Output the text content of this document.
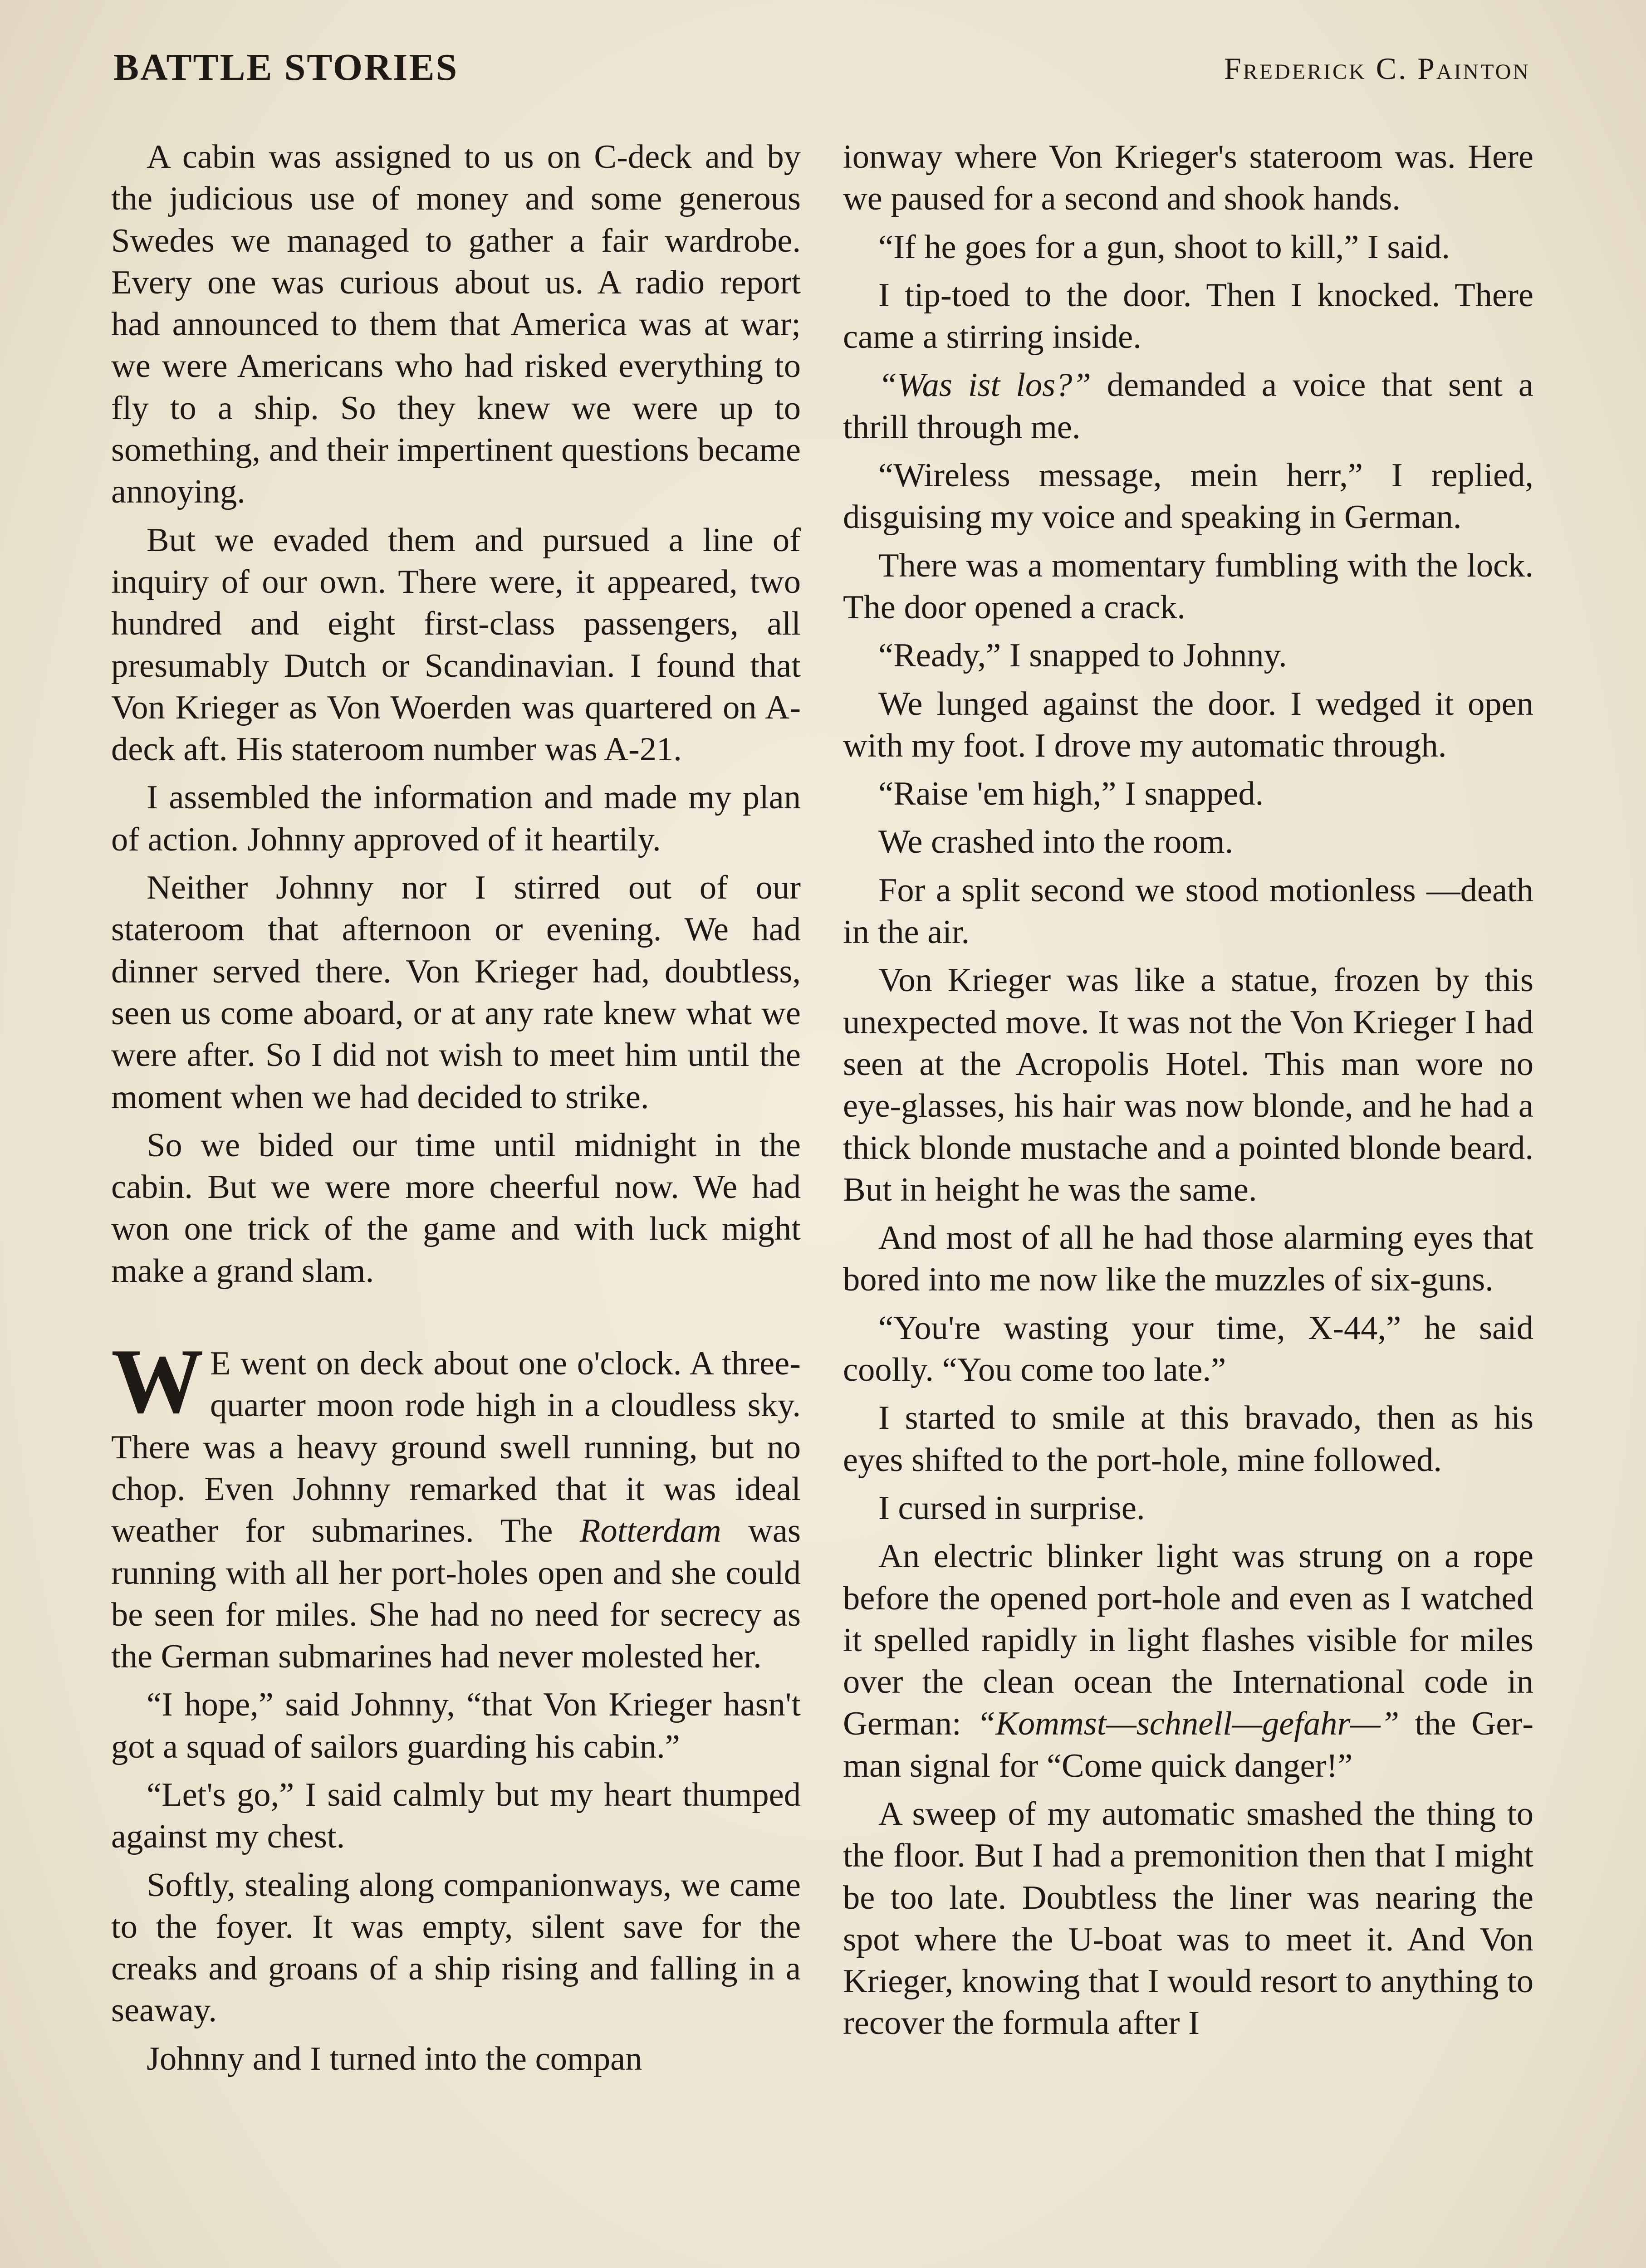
BATTLE STORIES	Frederick C. Painton

A cabin was assigned to us on C-deck and by the judicious use of money and some generous Swedes we managed to gather a fair wardrobe. Every one was curious about us. A radio report had announced to them that America was at war; we were Americans who had risked everything to fly to a ship. So they knew we were up to something, and their impertinent questions became annoying.

But we evaded them and pursued a line of inquiry of our own. There were, it appeared, two hundred and eight first-class passengers, all presumably Dutch or Scandinavian. I found that Von Krieger as Von Woerden was quartered on A-deck aft. His stateroom number was A-21.

I assembled the information and made my plan of action. Johnny approved of it heartily.

Neither Johnny nor I stirred out of our stateroom that afternoon or evening. We had dinner served there. Von Krieger had, doubtless, seen us come aboard, or at any rate knew what we were after. So I did not wish to meet him until the moment when we had decided to strike.

So we bided our time until midnight in the cabin. But we were more cheerful now. We had won one trick of the game and with luck might make a grand slam.

W E went on deck about one o'clock. A three-quarter moon rode high in a cloudless sky. There was a heavy ground swell running, but no chop. Even Johnny remarked that it was ideal weather for submarines. The Rotterdam was running with all her port-holes open and she could be seen for miles. She had no need for secrecy as the German submarines had never molested her.

“I hope,” said Johnny, “that Von Krieger hasn't got a squad of sailors guarding his cabin.”

“Let's go,” I said calmly but my heart thumped against my chest.

Softly, stealing along companionways, we came to the foyer. It was empty, silent save for the creaks and groans of a ship rising and falling in a seaway.

Johnny and I turned into the compan

ionway where Von Krieger's stateroom was. Here we paused for a second and shook hands.

“If he goes for a gun, shoot to kill,” I said.

I tip-toed to the door. Then I knocked. There came a stirring inside.

“Was ist los?” demanded a voice that sent a thrill through me.

“Wireless message, mein herr,” I replied, disguising my voice and speaking in German.

There was a momentary fumbling with the lock. The door opened a crack.

“Ready,” I snapped to Johnny.

We lunged against the door. I wedged it open with my foot. I drove my automatic through.

“Raise 'em high,” I snapped.

We crashed into the room.

For a split second we stood motionless —death in the air.

Von Krieger was like a statue, frozen by this unexpected move. It was not the Von Krieger I had seen at the Acropolis Hotel. This man wore no eye-glasses, his hair was now blonde, and he had a thick blonde mustache and a pointed blonde beard. But in height he was the same.

And most of all he had those alarming eyes that bored into me now like the muzzles of six-guns.

“You're wasting your time, X-44,” he said coolly. “You come too late.”

I started to smile at this bravado, then as his eyes shifted to the port-hole, mine followed.

I cursed in surprise.

An electric blinker light was strung on a rope before the opened port-hole and even as I watched it spelled rapidly in light flashes visible for miles over the clean ocean the International code in German: “Kommst—schnell—gefahr—” the German signal for “Come quick danger!”

A sweep of my automatic smashed the thing to the floor. But I had a premonition then that I might be too late. Doubtless the liner was nearing the spot where the U-boat was to meet it. And Von Krieger, knowing that I would resort to anything to recover the formula after I
